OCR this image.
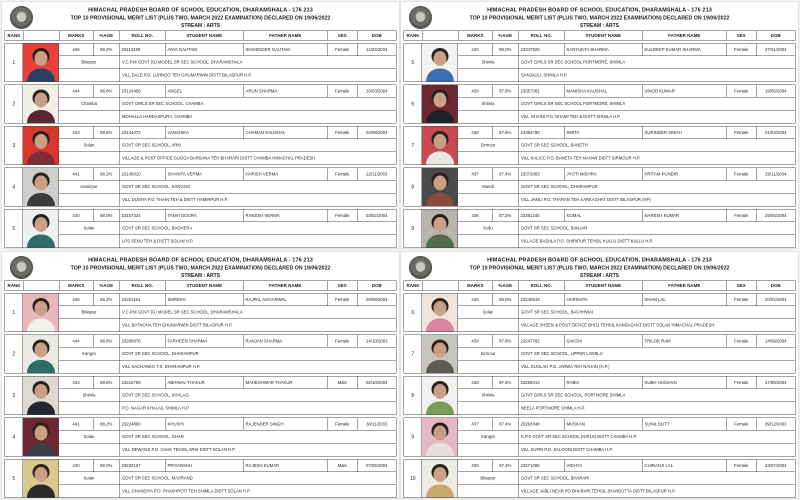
HIMACHAL PRADESH BOARD OF SCHOOL EDUCATION, DHARAMSHALA - 176 213
TOP 10 PROVISIONAL MERIT LIST (PLUS TWO, MARCH 2022 EXAMINATION) DECLARED ON 19/06/2022
STREAM : ARTS
RANK	MARKS	%AGE	ROLL NO.	STUDENT NAME	FATHER NAME	SEX	DOB
1
446	89.2%	23114159	ANVI GAUTAM	SHIVENDER GAUTAM	Female	11/03/2004
Bilaspur	V.C.P.M GOVT (G) MODEL SR SEC SCHOOL, DHARAMSHALA
VILL DALE P.O. LUHNOO TEH GHUMARWIN DISTT BILASPUR H.P.
2
444	88.8%	23124456	ANGEL	ARUN SHARMA	Female	16/03/2004
Chamba	GOVT GIRLS SR SEC SCHOOL, CHAMBA
MOHALLA HARDASPURA, CHAMBA
3
443	88.6%	23134072	VANSHIKA	CHAMAN KAUSHAL	Female	04/08/2004
Solan	GOVT SR SEC SCHOOL, ARKI
VILLAGE & POST OFFICE GUGGA BARSANA TEH BHARARI DISTT CHAMBA HIMACHAL PRADESH
4
441	88.2%	23145810	SHANITA VERMA	HARISH VERMA	Female	22/11/2003
Hamirpur	GOVT SR SEC SCHOOL, KANGOO
VILL DUGHA P.O. THAIN TEH & DISTT HAMIRPUR H.P.
5
440	88.0%	23157324	TANVI DOGRA	RAKESH VERMA	Female	03/02/2004
Solan	GOVT SR SEC SCHOOL, BAGHERA
LPS SENU TEH & DISTT SOLAN H.P.
HIMACHAL PRADESH BOARD OF SCHOOL EDUCATION, DHARAMSHALA - 176 213
TOP 10 PROVISIONAL MERIT LIST (PLUS TWO, MARCH 2022 EXAMINATION) DECLARED ON 19/06/2022
STREAM : ARTS
RANK	MARKS	%AGE	ROLL NO.	STUDENT NAME	FATHER NAME	SEX	DOB
5
440	88.0%	23347820	SANYUKTA SHARMA	KULDEEP KUMAR SHARMA	Female	27/01/2004
Shimla	GOVT GIRLS SR SEC SCHOOL PORTMORE, SHIMLA
SANJAULI, SHIMLA H.P.
6
439	87.8%	23357081	MANISHA KAUSHAL	VINOD KUMAR	Female	19/05/2004
Shimla	GOVT GIRLS SR SEC SCHOOL PORTMORE, SHIMLA
VILL GHAINI P.O. DHAMI TEH & DISTT SHIMLA H.P.
7
438	87.6%	23364790	SMITA	SURINDER SINGH	Female	01/04/2004
Sirmour	GOVT SR SEC SCHOOL, BANETH
VILL KALICC P.O. BANETA TEH NAHAN DISTT SIRMOUR H.P.
8
437	87.4%	23372083	JYOTI MISHRA	PRITAM PUNDIR	Female	29/11/2004
Mandi	GOVT SR SEC SCHOOL, DHARAMPUR
VILL JAMLI P.O. THARAN TEH SARKAGHAT DISTT BILASPUR (HP)
9
436	87.2%	23381246	KOMAL	NARESH KUMAR	Female	25/04/2004
Kullu	GOVT SR SEC SCHOOL, BANJAR
VILLAGE BASHLA P.O. SHIRIPUR TEHSIL KULLU DISTT KULLU H.P.
HIMACHAL PRADESH BOARD OF SCHOOL EDUCATION, DHARAMSHALA - 176 213
TOP 10 PROVISIONAL MERIT LIST (PLUS TWO, MARCH 2022 EXAMINATION) DECLARED ON 19/06/2022
STREAM : ARTS
RANK	MARKS	%AGE	ROLL NO.	STUDENT NAME	FATHER NAME	SEX	DOB
1
446	89.2%	23201154	SMRIDHI	RAJPAL AGGARWAL	Female	29/08/2004
Bilaspur	V.C.P.M GOVT (G) MODEL SR SEC SCHOOL, DHARAMSHALA
VILL BATNOHA TEH GHUMARWIN DISTT BILASPUR H.P.
2
444	88.8%	23208876	FARHEEN SHARMA	RANJAN SHARMA	Female	14/10/2003
Kangra	GOVT SR SEC SCHOOL, DHARAMPUR
VILL SACHANKO T.S. DHARAMPUR H.P.
3
443	88.6%	23216789	ABHINAV THAKUR	MAHESHWAR THAKUR	Male	02/10/2004
Shimla	GOVT SR SEC SCHOOL, KHALAG
P.O. NAGAR KHALAG SHIMLA H.P.
4
441	88.2%	23224890	KHUSHI	RAJENDER SINGH	Female	30/11/2003
Solan	GOVT SR SEC SCHOOL, GHAR
VILL DEWANJI P.O. CHAK TEHSIL ARKI DISTT SOLAN H.P.
5
440	88.0%	23232167	PRIYANSHU	RAJESH KUMAR	Male	07/05/2004
Solan	GOVT SR SEC SCHOOL, MASRAND
VILL CHANDIYA P.O. PHAKHROTI TEH SHIMLA DISTT SOLAN H.P.
HIMACHAL PRADESH BOARD OF SCHOOL EDUCATION, DHARAMSHALA - 176 213
TOP 10 PROVISIONAL MERIT LIST (PLUS TWO, MARCH 2022 EXAMINATION) DECLARED ON 19/06/2022
STREAM : ARTS
RANK	MARKS	%AGE	ROLL NO.	STUDENT NAME	FATHER NAME	SEX	DOB
6
440	88.0%	23240519	HARSHITA	SHAM LAL	Female	20/02/2004
Solan	GOVT SR SEC SCHOOL, BACHHWAI
VILLAGE SHEEN & POST OFFICE BHOJ TEHSIL KANDAGHAT DISTT SOLAN HIMACHAL PRADESH
7
439	87.8%	23247782	SAKSHI	TRILOK RAM	Female	14/09/2004
Sirmour	GOVT SR SEC SCHOOL, UPPER LANBLU
VILL GUGLAH P.O. JARWA TEH NAHAN (H.P.)
8
438	87.6%	23255013	RABIA	SUBH HUSSAIN	Female	17/06/2004
Shimla	GOVT GIRLS SR SEC SCHOOL, PORTMORE SHIMLA
NEELA PORTMORE SHIMLA H.P.
9
437	87.4%	23263348	MUSKAN	SUNIL DUTT	Female	09/12/2003
Kangra	K.P.S GOVT SR SEC SCHOOL (GIRLS) DISTT CHAMBA H.P.
VILL KUFRI P.O. SALOONI DISTT CHAMBA H.P.
10
436	87.2%	23271095	VIDHYA	CHIRANJI LAL	Female	23/07/2004
Bilaspur	GOVT SR SEC SCHOOL, BHARARI
VILLAGE JABLI NEAR PO BHARARI TEHSIL JHANDUTTA DISTT BILASPUR H.P.
